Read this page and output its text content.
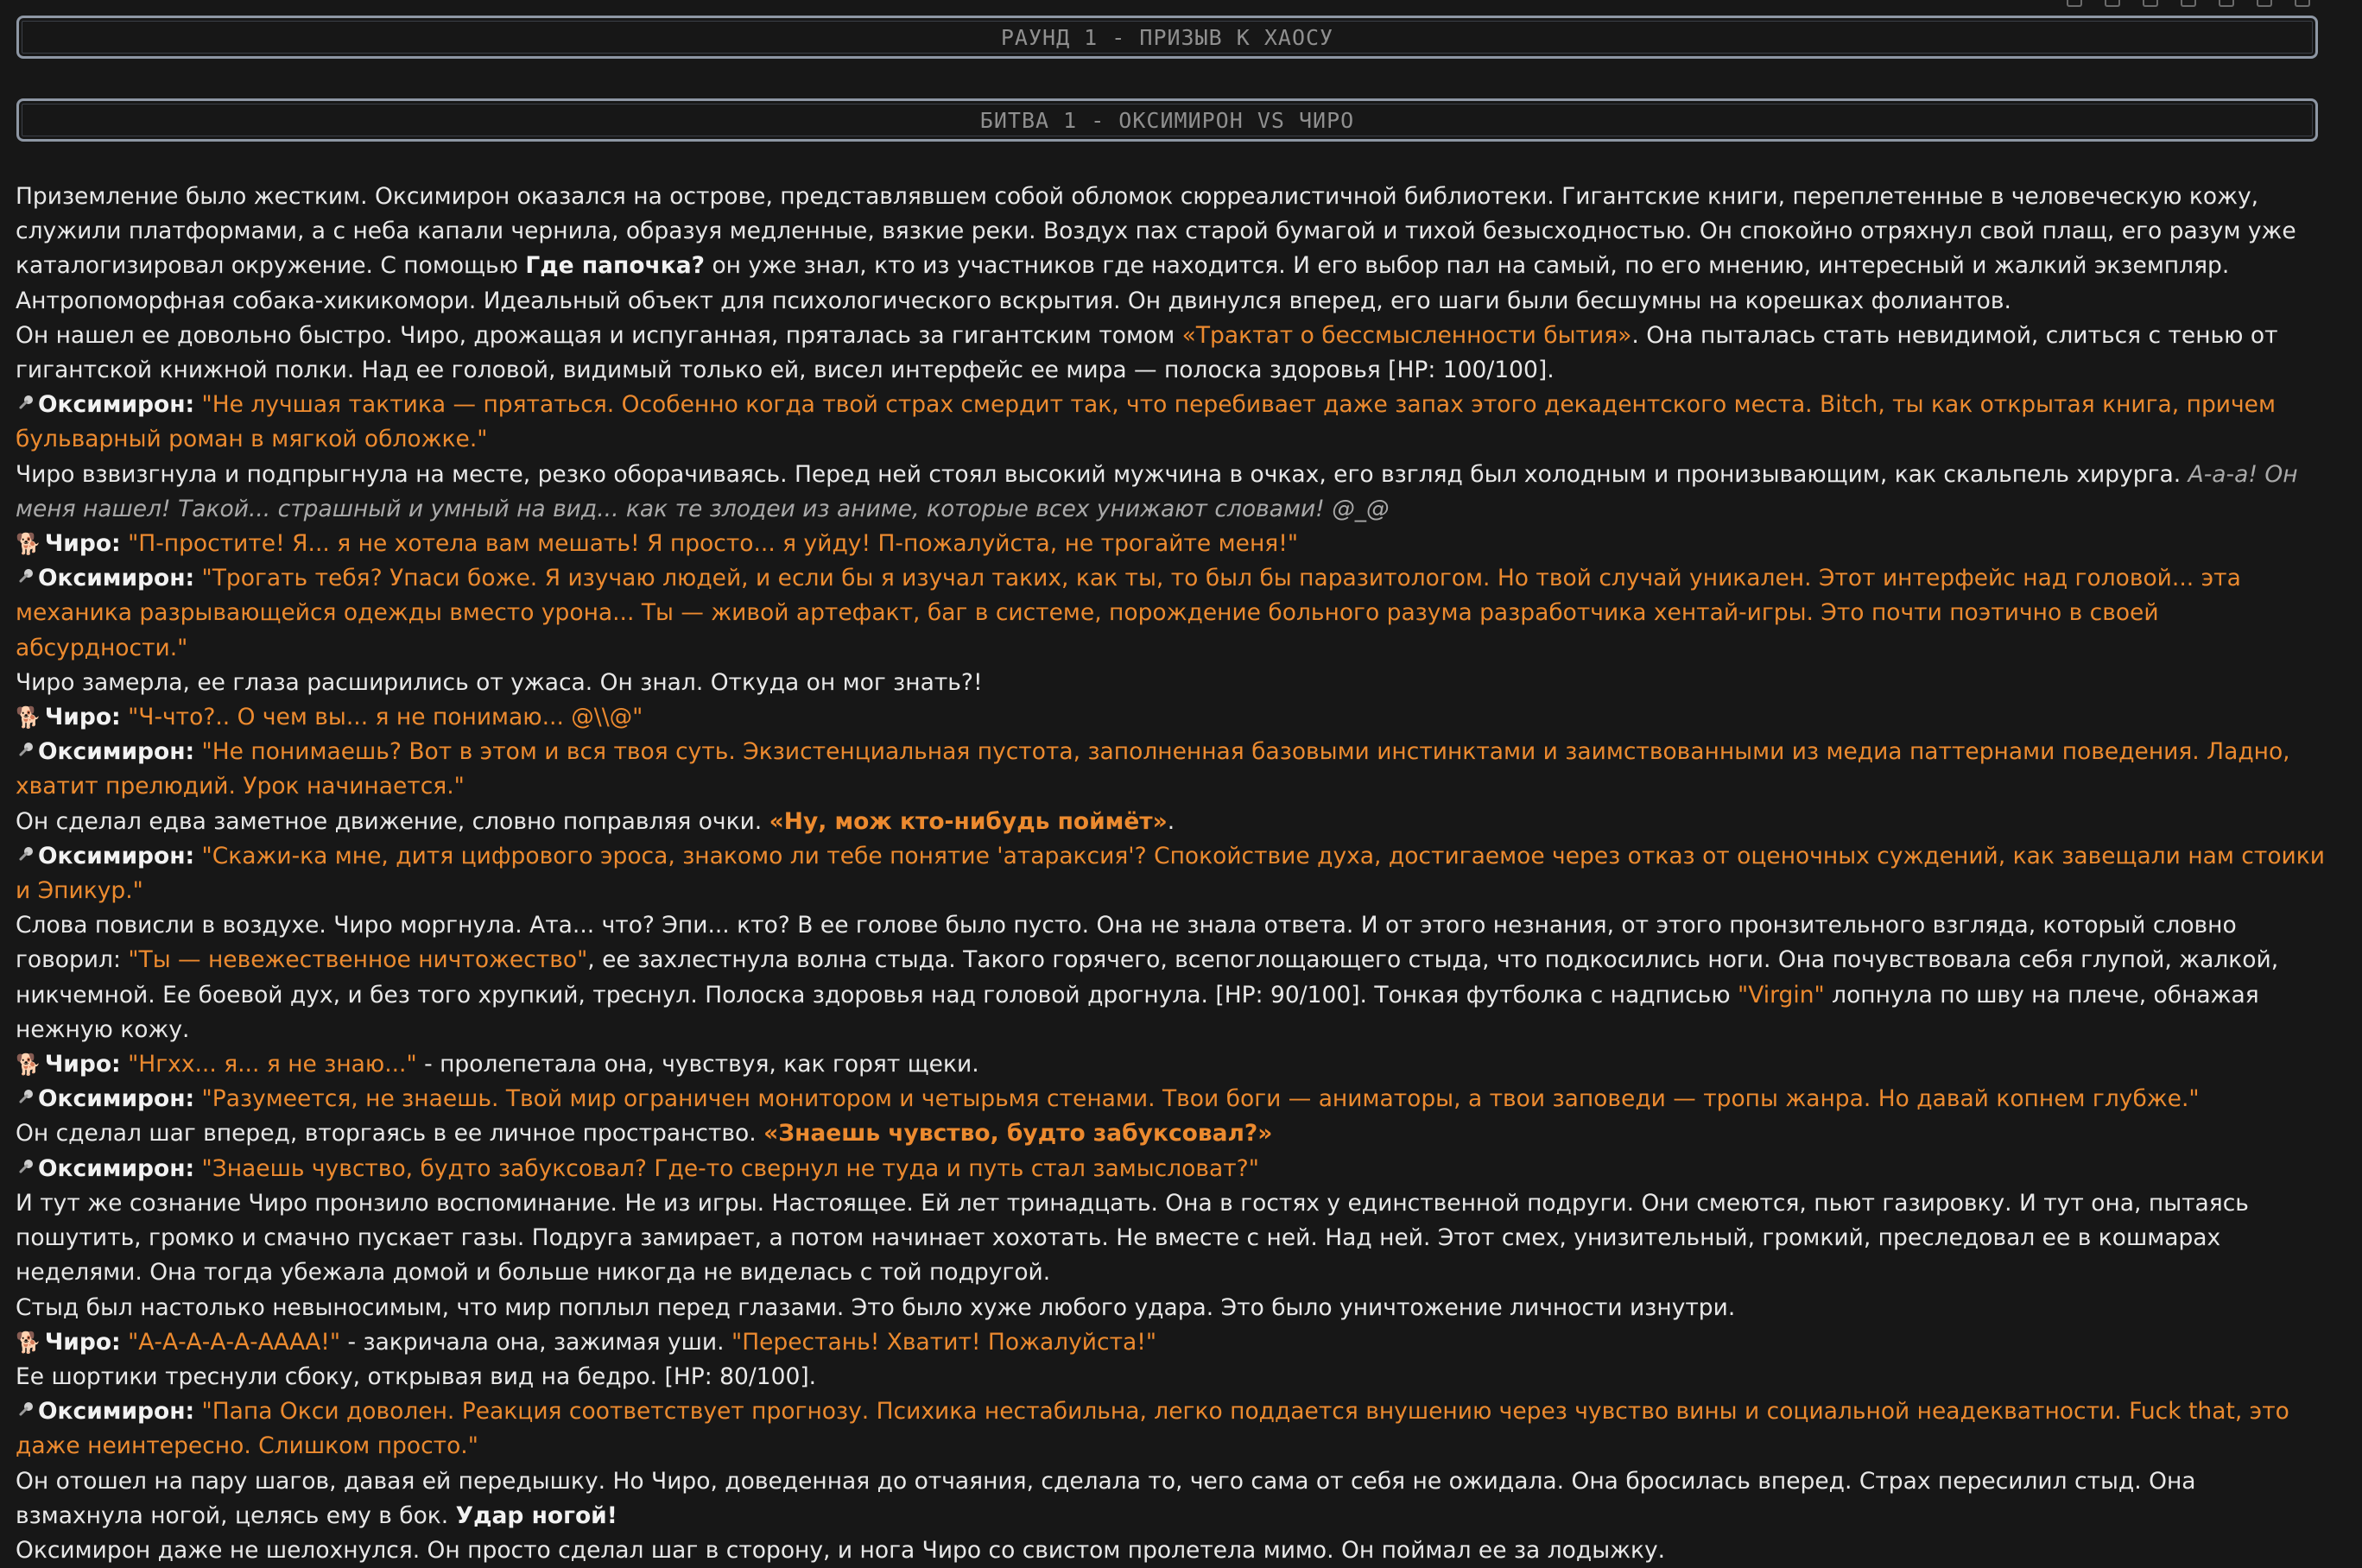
РАУНД 1 - ПРИЗЫВ К ХАОСУ
БИТВА 1 - ОКСИМИРОН VS ЧИРО

Приземление было жестким. Оксимирон оказался на острове, представлявшем собой обломок сюрреалистичной библиотеки. Гигантские книги, переплетенные в человеческую кожу, служили платформами, а с неба капали чернила, образуя медленные, вязкие реки. Воздух пах старой бумагой и тихой безысходностью. Он спокойно отряхнул свой плащ, его разум уже каталогизировал окружение. С помощью Где папочка? он уже знал, кто из участников где находится. И его выбор пал на самый, по его мнению, интересный и жалкий экземпляр. Антропоморфная собака-хикикомори. Идеальный объект для психологического вскрытия. Он двинулся вперед, его шаги были бесшумны на корешках фолиантов.

Он нашел ее довольно быстро. Чиро, дрожащая и испуганная, пряталась за гигантским томом «Трактат о бессмысленности бытия». Она пыталась стать невидимой, слиться с тенью от гигантской книжной полки. Над ее головой, видимый только ей, висел интерфейс ее мира — полоска здоровья [HP: 100/100].

Оксимирон: "Не лучшая тактика — прятаться. Особенно когда твой страх смердит так, что перебивает даже запах этого декадентского места. Bitch, ты как открытая книга, причем бульварный роман в мягкой обложке."

Чиро взвизгнула и подпрыгнула на месте, резко оборачиваясь. Перед ней стоял высокий мужчина в очках, его взгляд был холодным и пронизывающим, как скальпель хирурга. А-а-а! Он меня нашел! Такой... страшный и умный на вид... как те злодеи из аниме, которые всех унижают словами! @_@

🐕 Чиро: "П-простите! Я... я не хотела вам мешать! Я просто... я уйду! П-пожалуйста, не трогайте меня!"

Оксимирон: "Трогать тебя? Упаси боже. Я изучаю людей, и если бы я изучал таких, как ты, то был бы паразитологом. Но твой случай уникален. Этот интерфейс над головой... эта механика разрывающейся одежды вместо урона... Ты — живой артефакт, баг в системе, порождение больного разума разработчика хентай-игры. Это почти поэтично в своей абсурдности."

Чиро замерла, ее глаза расширились от ужаса. Он знал. Откуда он мог знать?!

🐕 Чиро: "Ч-что?.. О чем вы... я не понимаю... @\\@"

Оксимирон: "Не понимаешь? Вот в этом и вся твоя суть. Экзистенциальная пустота, заполненная базовыми инстинктами и заимствованными из медиа паттернами поведения. Ладно, хватит прелюдий. Урок начинается."

Он сделал едва заметное движение, словно поправляя очки. «Ну, мож кто-нибудь поймёт».

Оксимирон: "Скажи-ка мне, дитя цифрового эроса, знакомо ли тебе понятие 'атараксия'? Спокойствие духа, достигаемое через отказ от оценочных суждений, как завещали нам стоики и Эпикур."

Слова повисли в воздухе. Чиро моргнула. Ата... что? Эпи... кто? В ее голове было пусто. Она не знала ответа. И от этого незнания, от этого пронзительного взгляда, который словно говорил: "Ты — невежественное ничтожество", ее захлестнула волна стыда. Такого горячего, всепоглощающего стыда, что подкосились ноги. Она почувствовала себя глупой, жалкой, никчемной. Ее боевой дух, и без того хрупкий, треснул. Полоска здоровья над головой дрогнула. [HP: 90/100]. Тонкая футболка с надписью "Virgin" лопнула по шву на плече, обнажая нежную кожу.

🐕 Чиро: "Нгхх... я... я не знаю..." - пролепетала она, чувствуя, как горят щеки.

Оксимирон: "Разумеется, не знаешь. Твой мир ограничен монитором и четырьмя стенами. Твои боги — аниматоры, а твои заповеди — тропы жанра. Но давай копнем глубже."

Он сделал шаг вперед, вторгаясь в ее личное пространство. «Знаешь чувство, будто забуксовал?»

Оксимирон: "Знаешь чувство, будто забуксовал? Где-то свернул не туда и путь стал замысловат?"

И тут же сознание Чиро пронзило воспоминание. Не из игры. Настоящее. Ей лет тринадцать. Она в гостях у единственной подруги. Они смеются, пьют газировку. И тут она, пытаясь пошутить, громко и смачно пускает газы. Подруга замирает, а потом начинает хохотать. Не вместе с ней. Над ней. Этот смех, унизительный, громкий, преследовал ее в кошмарах неделями. Она тогда убежала домой и больше никогда не виделась с той подругой.

Стыд был настолько невыносимым, что мир поплыл перед глазами. Это было хуже любого удара. Это было уничтожение личности изнутри.

🐕 Чиро: "А-А-А-А-А-АААА!" - закричала она, зажимая уши. "Перестань! Хватит! Пожалуйста!"

Ее шортики треснули сбоку, открывая вид на бедро. [HP: 80/100].

Оксимирон: "Папа Окси доволен. Реакция соответствует прогнозу. Психика нестабильна, легко поддается внушению через чувство вины и социальной неадекватности. Fuck that, это даже неинтересно. Слишком просто."

Он отошел на пару шагов, давая ей передышку. Но Чиро, доведенная до отчаяния, сделала то, чего сама от себя не ожидала. Она бросилась вперед. Страх пересилил стыд. Она взмахнула ногой, целясь ему в бок. Удар ногой!

Оксимирон даже не шелохнулся. Он просто сделал шаг в сторону, и нога Чиро со свистом пролетела мимо. Он поймал ее за лодыжку.
